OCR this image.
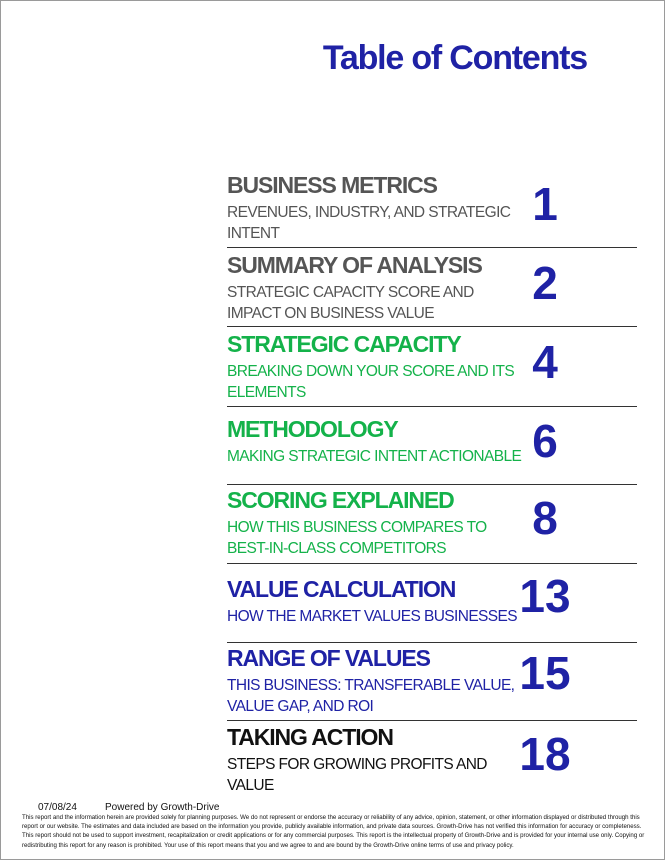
Table of Contents
BUSINESS METRICS
REVENUES, INDUSTRY, AND STRATEGIC INTENT
1
SUMMARY OF ANALYSIS
STRATEGIC CAPACITY SCORE AND IMPACT ON BUSINESS VALUE
2
STRATEGIC CAPACITY
BREAKING DOWN YOUR SCORE AND ITS ELEMENTS
4
METHODOLOGY
MAKING STRATEGIC INTENT ACTIONABLE 6
SCORING EXPLAINED
HOW THIS BUSINESS COMPARES TO BEST-IN-CLASS COMPETITORS
8
VALUE CALCULATION
HOW THE MARKET VALUES BUSINESSES 13
RANGE OF VALUES
THIS BUSINESS: TRANSFERABLE VALUE, VALUE GAP, AND ROI
15
TAKING ACTION
STEPS FOR GROWING PROFITS AND VALUE
18
07/08/24	Powered by Growth-Drive
This report and the information herein are provided solely for planning purposes. We do not represent or endorse the accuracy or reliability of any advice, opinion, statement, or other information displayed or distributed through this report or our website. The estimates and data included are based on the information you provide, publicly available information, and private data sources. Growth-Drive has not verified this information for accuracy or completeness. This report should not be used to support investment, recapitalization or credit applications or for any commercial purposes. This report is the intellectual property of Growth-Drive and is provided for your internal use only. Copying or redistributing this report for any reason is prohibited. Your use of this report means that you and we agree to and are bound by the Growth-Drive online terms of use and privacy policy.
